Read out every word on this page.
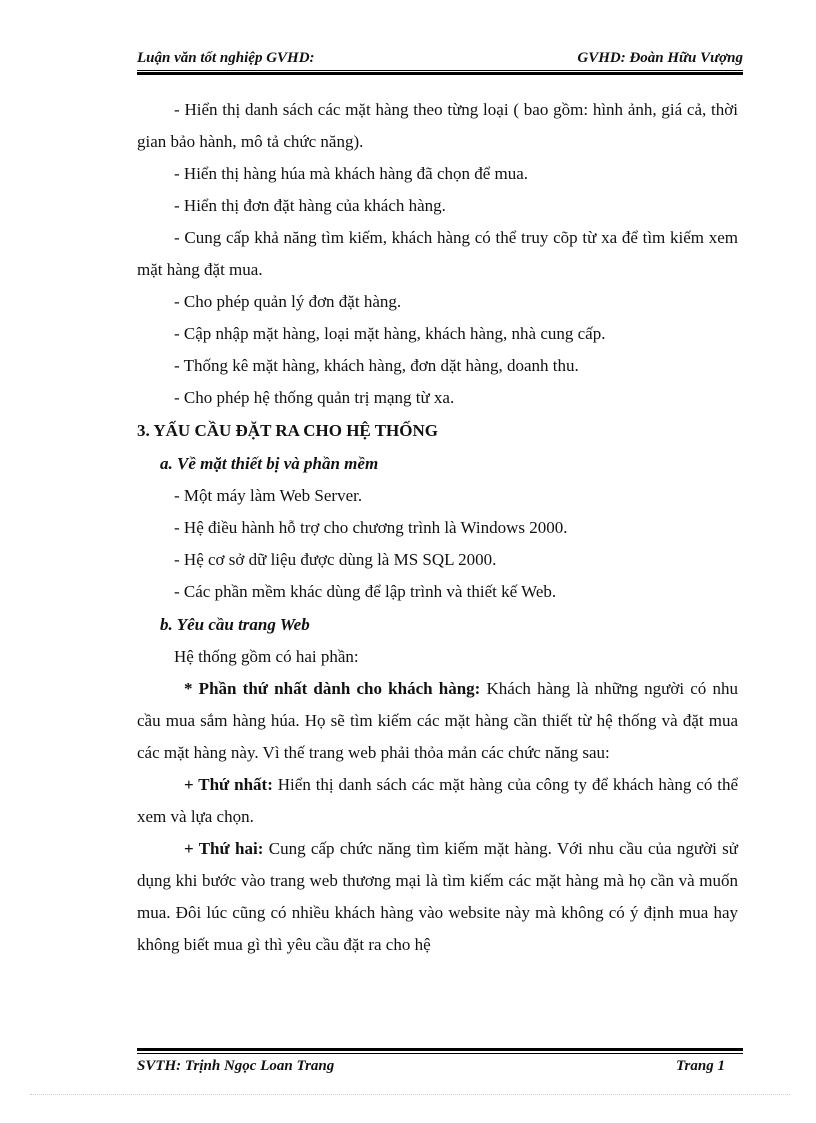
Luận văn tốt nghiệp GVHD:	GVHD: Đoàn Hữu Vượng

- Hiển thị danh sách các mặt hàng theo từng loại ( bao gồm: hình ảnh, giá cả, thời gian bảo hành, mô tả chức năng).

- Hiển thị hàng húa mà khách hàng đã chọn để mua.

- Hiển thị đơn đặt hàng của khách hàng.

- Cung cấp khả năng tìm kiếm, khách hàng có thể truy cõp từ xa để tìm kiếm xem mặt hàng đặt mua.

- Cho phép quản lý đơn đặt hàng.

- Cập nhập mặt hàng, loại mặt hàng, khách hàng, nhà cung cấp.

- Thống kê mặt hàng, khách hàng, đơn dặt hàng, doanh thu.

- Cho phép hệ thống quản trị mạng từ xa.

3. YẤU CẦU ĐẶT RA CHO HỆ THỐNG

a. Về mặt thiết bị và phần mềm

- Một máy làm Web Server.

- Hệ điều hành hỗ trợ cho chương trình là Windows 2000.

- Hệ cơ sở dữ liệu được dùng là MS SQL 2000.

- Các phần mềm khác dùng để lập trình và thiết kế Web.

b. Yêu cầu trang Web

Hệ thống gồm có hai phần:

* Phần thứ nhất dành cho khách hàng: Khách hàng là những người có nhu cầu mua sắm hàng húa. Họ sẽ tìm kiếm các mặt hàng cần thiết từ hệ thống và đặt mua các mặt hàng này. Vì thế trang web phải thỏa mản các chức năng sau:

+ Thứ nhất: Hiển thị danh sách các mặt hàng của công ty để khách hàng có thể xem và lựa chọn.

+ Thứ hai: Cung cấp chức năng tìm kiếm mặt hàng. Với nhu cầu của người sử dụng khi bước vào trang web thương mại là tìm kiếm các mặt hàng mà họ cần và muốn mua. Đôi lúc cũng có nhiều khách hàng vào website này mà không có ý định mua hay không biết mua gì thì yêu cầu đặt ra cho hệ

SVTH: Trịnh Ngọc Loan Trang	Trang 1
